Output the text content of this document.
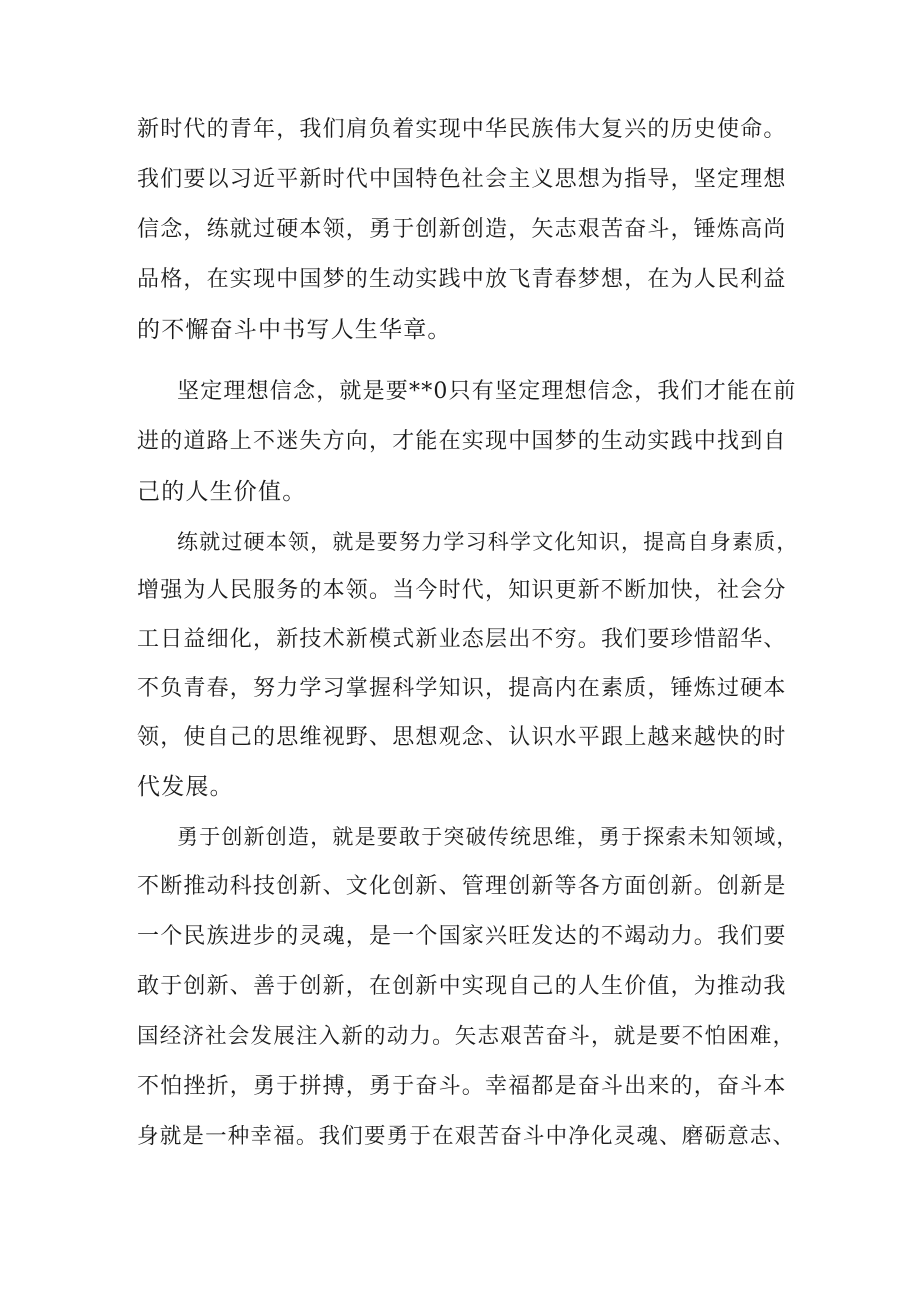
新时代的青年，我们肩负着实现中华民族伟大复兴的历史使命。
我们要以习近平新时代中国特色社会主义思想为指导，坚定理想
信念，练就过硬本领，勇于创新创造，矢志艰苦奋斗，锤炼高尚
品格，在实现中国梦的生动实践中放飞青春梦想，在为人民利益
的不懈奋斗中书写人生华章。
坚定理想信念，就是要**0只有坚定理想信念，我们才能在前
进的道路上不迷失方向，才能在实现中国梦的生动实践中找到自
己的人生价值。
练就过硬本领，就是要努力学习科学文化知识，提高自身素质，
增强为人民服务的本领。当今时代，知识更新不断加快，社会分
工日益细化，新技术新模式新业态层出不穷。我们要珍惜韶华、
不负青春，努力学习掌握科学知识，提高内在素质，锤炼过硬本
领，使自己的思维视野、思想观念、认识水平跟上越来越快的时
代发展。
勇于创新创造，就是要敢于突破传统思维，勇于探索未知领域，
不断推动科技创新、文化创新、管理创新等各方面创新。创新是
一个民族进步的灵魂，是一个国家兴旺发达的不竭动力。我们要
敢于创新、善于创新，在创新中实现自己的人生价值，为推动我
国经济社会发展注入新的动力。矢志艰苦奋斗，就是要不怕困难，
不怕挫折，勇于拼搏，勇于奋斗。幸福都是奋斗出来的，奋斗本
身就是一种幸福。我们要勇于在艰苦奋斗中净化灵魂、磨砺意志、
